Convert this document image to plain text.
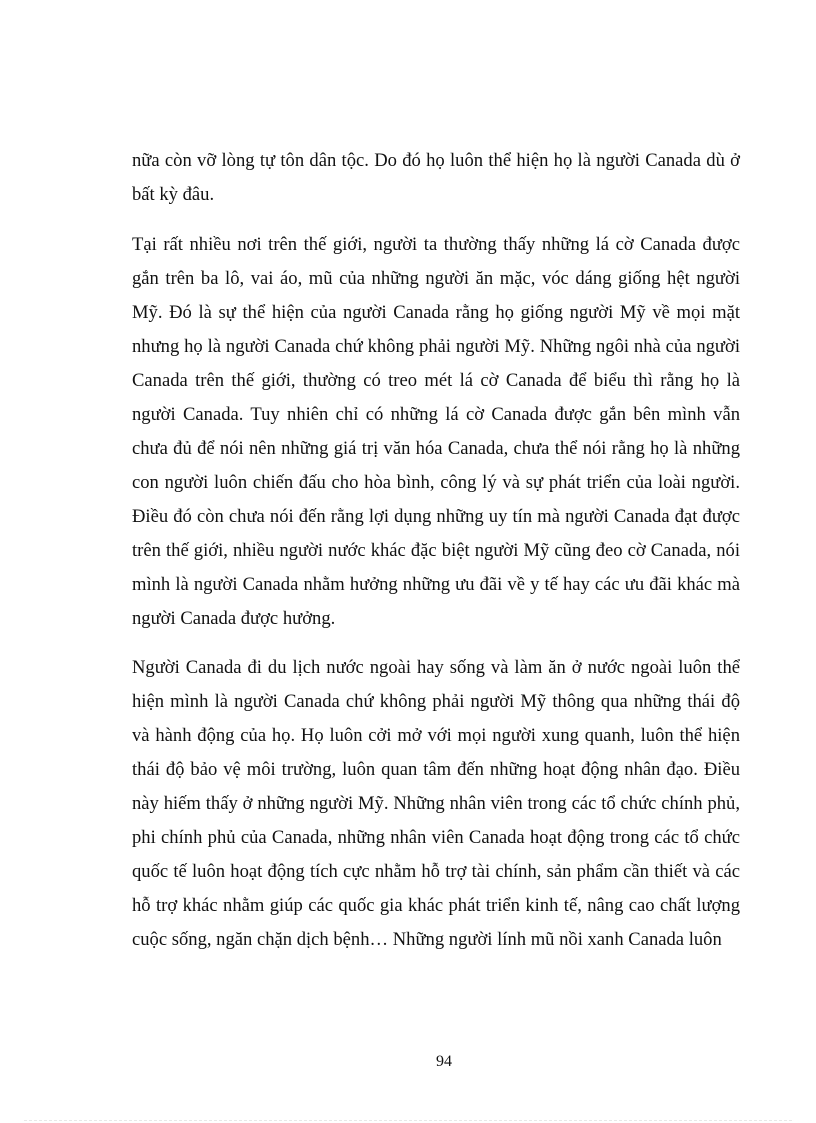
nữa còn vỡ lòng tự tôn dân tộc. Do đó họ luôn thể hiện họ là người Canada dù ở bất kỳ đâu.

Tại rất nhiều nơi trên thế giới, người ta thường thấy những lá cờ Canada được gắn trên ba lô, vai áo, mũ của những người ăn mặc, vóc dáng giống hệt người Mỹ. Đó là sự thể hiện của người Canada rằng họ giống người Mỹ về mọi mặt nhưng họ là người Canada chứ không phải người Mỹ. Những ngôi nhà của người Canada trên thế giới, thường có treo mét lá cờ Canada để biểu thì rằng họ là người Canada. Tuy nhiên chỉ có những lá cờ Canada được gắn bên mình vẫn chưa đủ để nói nên những giá trị văn hóa Canada, chưa thể nói rằng họ là những con người luôn chiến đấu cho hòa bình, công lý và sự phát triển của loài người. Điều đó còn chưa nói đến rằng lợi dụng những uy tín mà người Canada đạt được trên thế giới, nhiều người nước khác đặc biệt người Mỹ cũng đeo cờ Canada, nói mình là người Canada nhằm hưởng những ưu đãi về y tế hay các ưu đãi khác mà người Canada được hưởng.

Người Canada đi du lịch nước ngoài hay sống và làm ăn ở nước ngoài luôn thể hiện mình là người Canada chứ không phải người Mỹ thông qua những thái độ và hành động của họ. Họ luôn cởi mở với mọi người xung quanh, luôn thể hiện thái độ bảo vệ môi trường, luôn quan tâm đến những hoạt động nhân đạo. Điều này hiếm thấy ở những người Mỹ. Những nhân viên trong các tổ chức chính phủ, phi chính phủ của Canada, những nhân viên Canada hoạt động trong các tổ chức quốc tế luôn hoạt động tích cực nhằm hỗ trợ tài chính, sản phẩm cần thiết và các hỗ trợ khác nhằm giúp các quốc gia khác phát triển kinh tế, nâng cao chất lượng cuộc sống, ngăn chặn dịch bệnh… Những người lính mũ nồi xanh Canada luôn

94
